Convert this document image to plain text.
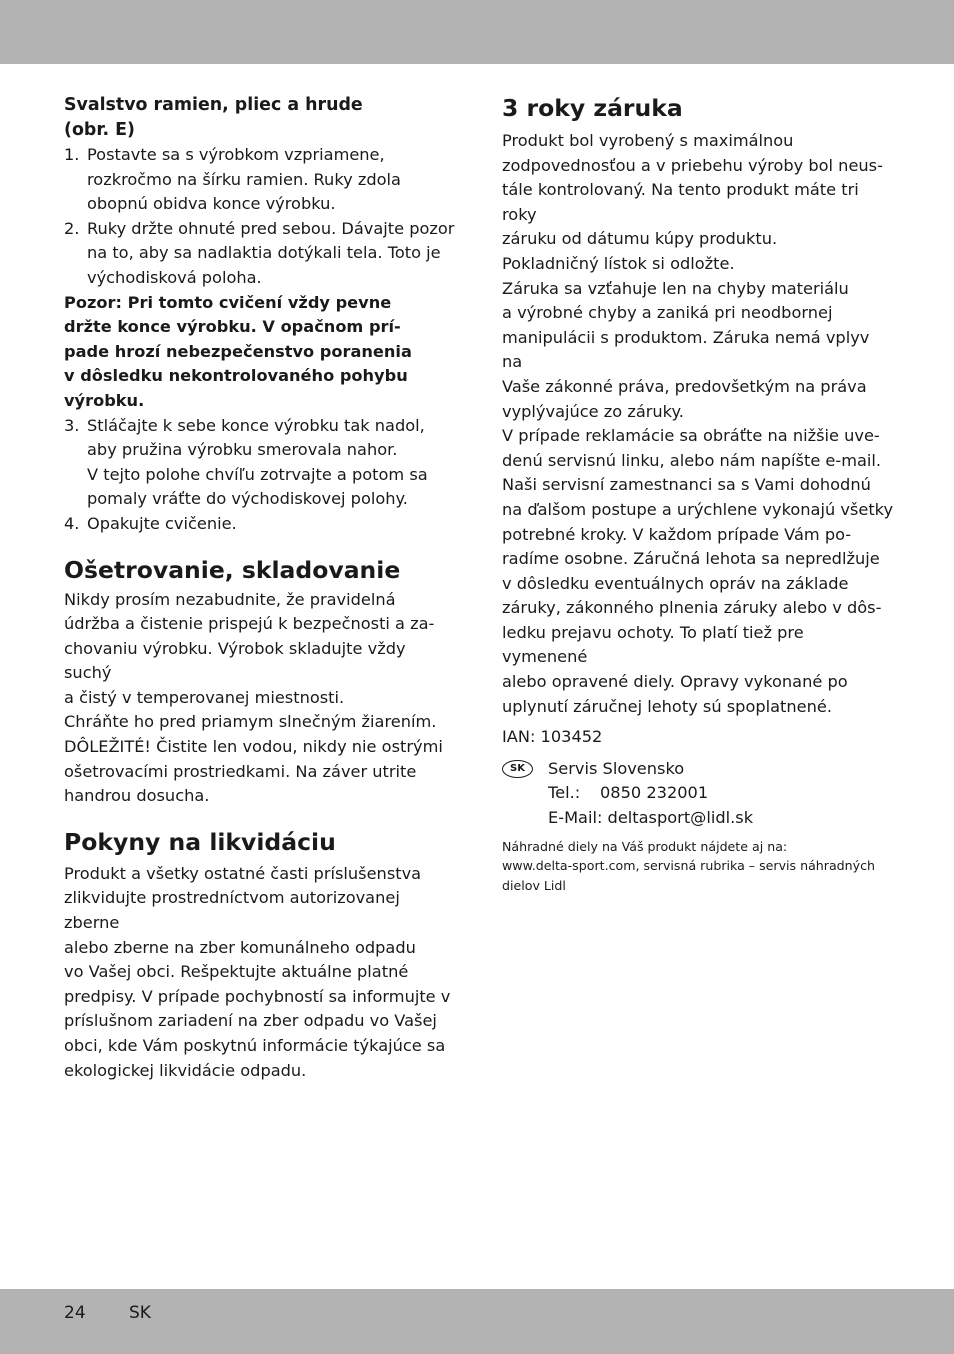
Svalstvo ramien, pliec a hrude
(obr. E)

1. Postavte sa s výrobkom vzpriamene,
rozkročmo na šírku ramien. Ruky zdola
obopnú obidva konce výrobku.
2. Ruky držte ohnuté pred sebou. Dávajte pozor
na to, aby sa nadlaktia dotýkali tela. Toto je
východisková poloha.

Pozor: Pri tomto cvičení vždy pevne
držte konce výrobku. V opačnom prí-
pade hrozí nebezpečenstvo poranenia
v dôsledku nekontrolovaného pohybu
výrobku.

3. Stláčajte k sebe konce výrobku tak nadol,
aby pružina výrobku smerovala nahor.
V tejto polohe chvíľu zotrvajte a potom sa
pomaly vráťte do východiskovej polohy.
4. Opakujte cvičenie.
Ošetrovanie, skladovanie

Nikdy prosím nezabudnite, že pravidelná
údržba a čistenie prispejú k bezpečnosti a za-
chovaniu výrobku. Výrobok skladujte vždy suchý
a čistý v temperovanej miestnosti.
Chráňte ho pred priamym slnečným žiarením.
DÔLEŽITÉ! Čistite len vodou, nikdy nie ostrými
ošetrovacími prostriedkami. Na záver utrite
handrou dosucha.

Pokyny na likvidáciu

Produkt a všetky ostatné časti príslušenstva
zlikvidujte prostredníctvom autorizovanej zberne
alebo zberne na zber komunálneho odpadu
vo Vašej obci. Rešpektujte aktuálne platné
predpisy. V prípade pochybností sa informujte v
príslušnom zariadení na zber odpadu vo Vašej
obci, kde Vám poskytnú informácie týkajúce sa
ekologickej likvidácie odpadu.

3 roky záruka

Produkt bol vyrobený s maximálnou
zodpovednosťou a v priebehu výroby bol neus-
tále kontrolovaný. Na tento produkt máte tri roky
záruku od dátumu kúpy produktu.
Pokladničný lístok si odložte.
Záruka sa vzťahuje len na chyby materiálu
a výrobné chyby a zaniká pri neodbornej
manipulácii s produktom. Záruka nemá vplyv na
Vaše zákonné práva, predovšetkým na práva
vyplývajúce zo záruky.
V prípade reklamácie sa obráťte na nižšie uve-
denú servisnú linku, alebo nám napíšte e-mail.
Naši servisní zamestnanci sa s Vami dohodnú
na ďalšom postupe a urýchlene vykonajú všetky
potrebné kroky. V každom prípade Vám po-
radíme osobne. Záručná lehota sa nepredlžuje
v dôsledku eventuálnych opráv na základe
záruky, zákonného plnenia záruky alebo v dôs-
ledku prejavu ochoty. To platí tiež pre vymenené
alebo opravené diely. Opravy vykonané po
uplynutí záručnej lehoty sú spoplatnené.

IAN: 103452

SK	Servis Slovensko
Tel.: 0850 232001
E-Mail: deltasport@lidl.sk

Náhradné diely na Váš produkt nájdete aj na:
www.delta-sport.com, servisná rubrika – servis náhradných
dielov Lidl

24	SK
